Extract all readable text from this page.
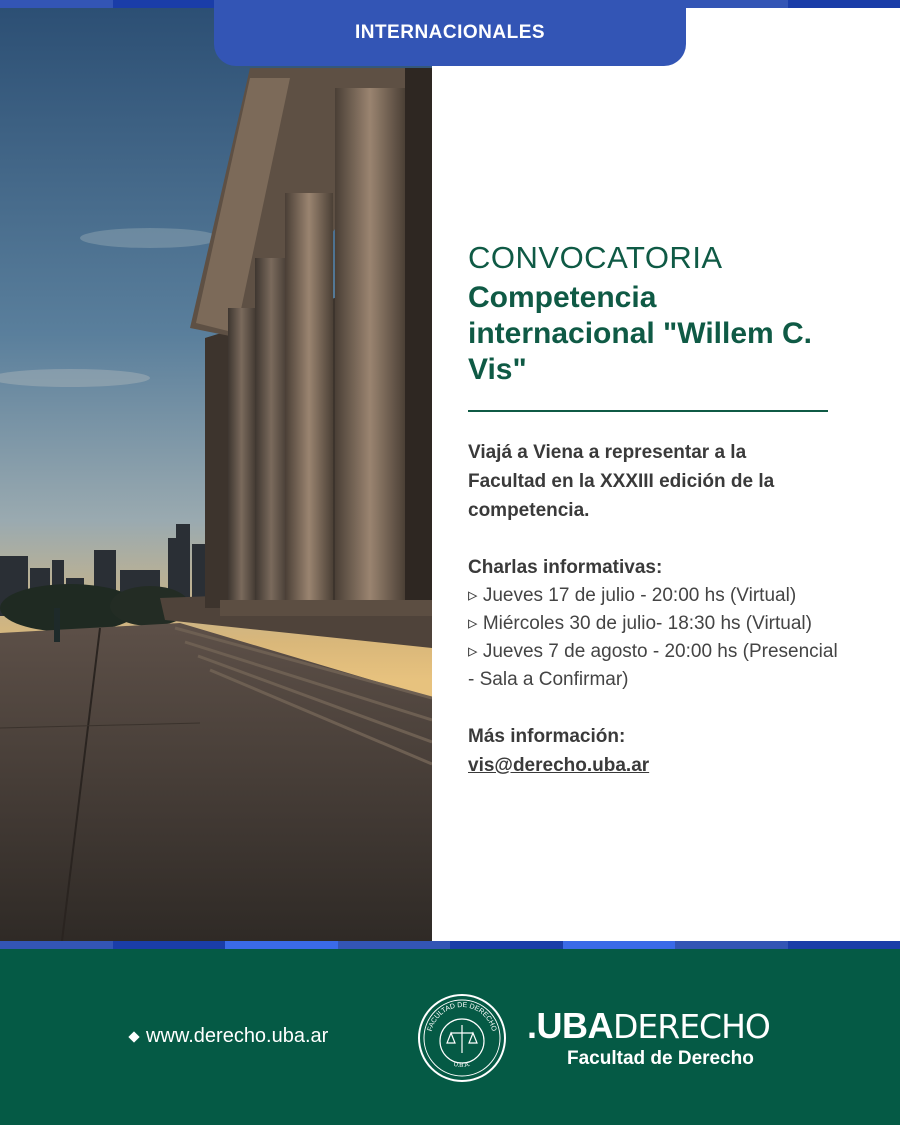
INTERNACIONALES

CONVOCATORIA

Competencia internacional "Willem C. Vis"

Viajá a Viena a representar a la Facultad en la XXXIII edición de la competencia.

Charlas informativas:

▹ Jueves 17 de julio - 20:00 hs (Virtual)

▹ Miércoles 30 de julio- 18:30 hs (Virtual)

▹ Jueves 7 de agosto - 20:00 hs (Presencial - Sala a Confirmar)

Más información:

vis@derecho.uba.ar
www.derecho.uba.ar	FACULTAD DE DERECHO
U.B.A.
.UBADERECHO
Facultad de Derecho
